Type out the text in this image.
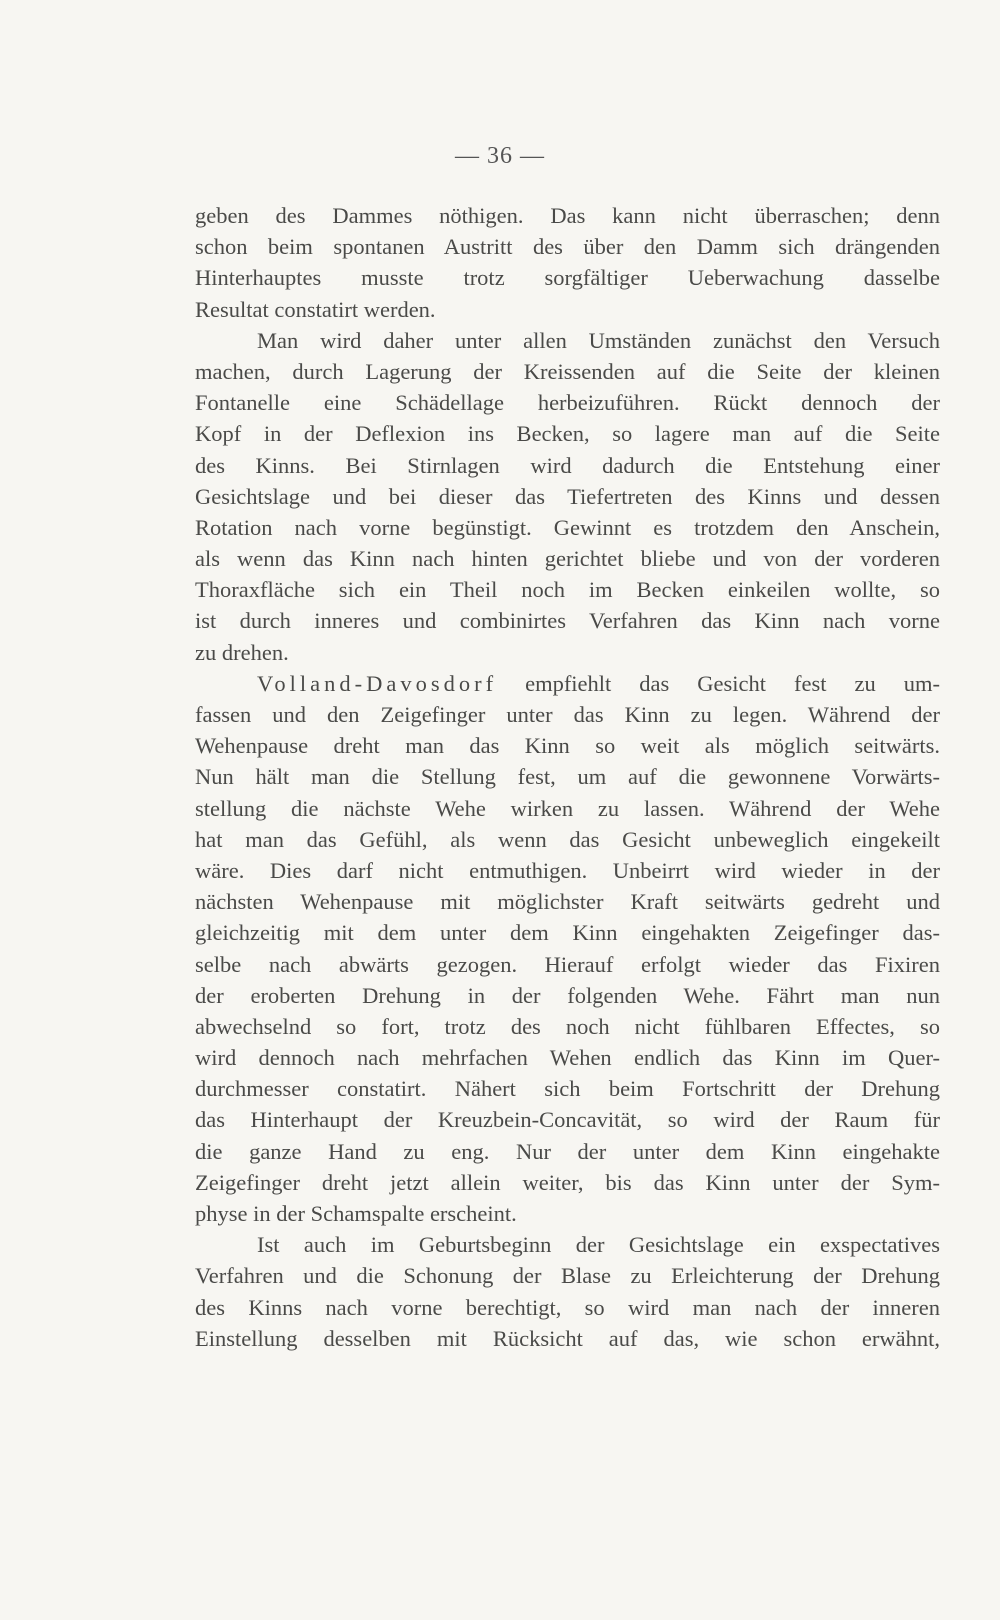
— 36 —
geben des Dammes nöthigen. Das kann nicht überraschen; denn
schon beim spontanen Austritt des über den Damm sich drängenden
Hinterhauptes musste trotz sorgfältiger Ueberwachung dasselbe
Resultat constatirt werden.
Man wird daher unter allen Umständen zunächst den Versuch
machen, durch Lagerung der Kreissenden auf die Seite der kleinen
Fontanelle eine Schädellage herbeizuführen. Rückt dennoch der
Kopf in der Deflexion ins Becken, so lagere man auf die Seite
des Kinns. Bei Stirnlagen wird dadurch die Entstehung einer
Gesichtslage und bei dieser das Tiefertreten des Kinns und dessen
Rotation nach vorne begünstigt. Gewinnt es trotzdem den Anschein,
als wenn das Kinn nach hinten gerichtet bliebe und von der vorderen
Thoraxfläche sich ein Theil noch im Becken einkeilen wollte, so
ist durch inneres und combinirtes Verfahren das Kinn nach vorne
zu drehen.
Volland-Davosdorf empfiehlt das Gesicht fest zu um-
fassen und den Zeigefinger unter das Kinn zu legen. Während der
Wehenpause dreht man das Kinn so weit als möglich seitwärts.
Nun hält man die Stellung fest, um auf die gewonnene Vorwärts-
stellung die nächste Wehe wirken zu lassen. Während der Wehe
hat man das Gefühl, als wenn das Gesicht unbeweglich eingekeilt
wäre. Dies darf nicht entmuthigen. Unbeirrt wird wieder in der
nächsten Wehenpause mit möglichster Kraft seitwärts gedreht und
gleichzeitig mit dem unter dem Kinn eingehakten Zeigefinger das-
selbe nach abwärts gezogen. Hierauf erfolgt wieder das Fixiren
der eroberten Drehung in der folgenden Wehe. Fährt man nun
abwechselnd so fort, trotz des noch nicht fühlbaren Effectes, so
wird dennoch nach mehrfachen Wehen endlich das Kinn im Quer-
durchmesser constatirt. Nähert sich beim Fortschritt der Drehung
das Hinterhaupt der Kreuzbein-Concavität, so wird der Raum für
die ganze Hand zu eng. Nur der unter dem Kinn eingehakte
Zeigefinger dreht jetzt allein weiter, bis das Kinn unter der Sym-
physe in der Schamspalte erscheint.
Ist auch im Geburtsbeginn der Gesichtslage ein exspectatives
Verfahren und die Schonung der Blase zu Erleichterung der Drehung
des Kinns nach vorne berechtigt, so wird man nach der inneren
Einstellung desselben mit Rücksicht auf das, wie schon erwähnt,
